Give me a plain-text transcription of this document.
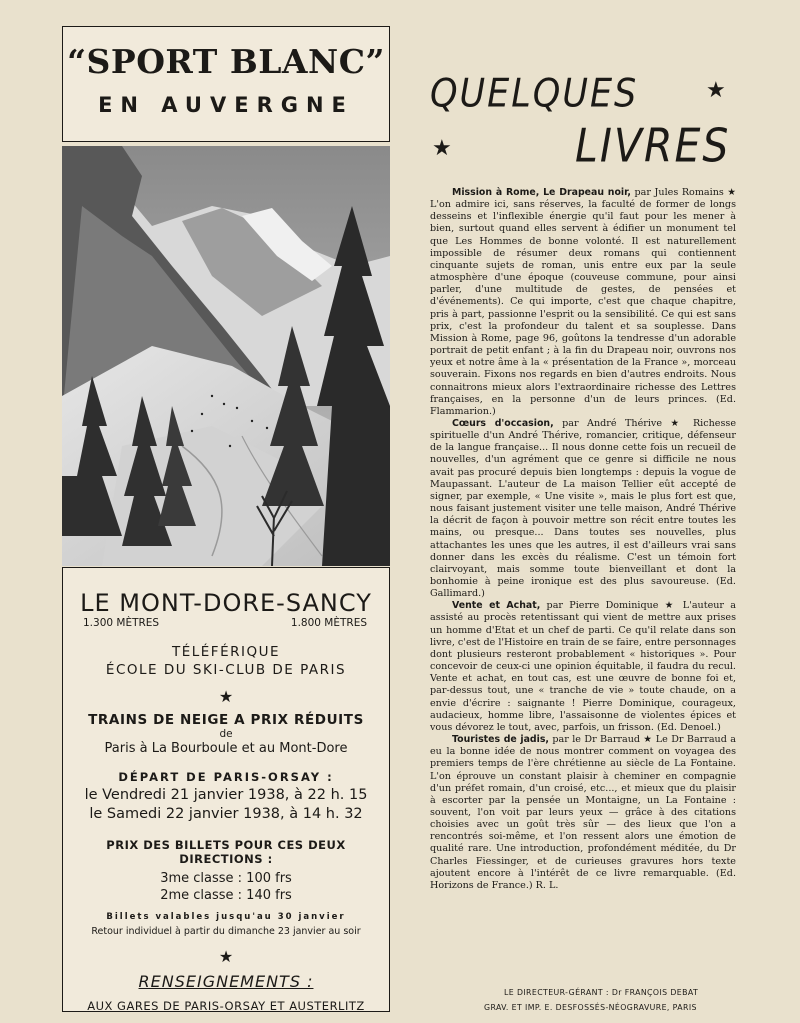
“SPORT BLANC”
EN AUVERGNE
LE MONT-DORE-SANCY
1.300 MÈTRES	1.800 MÈTRES
TÉLÉFÉRIQUE
ÉCOLE DU SKI-CLUB DE PARIS
★
TRAINS DE NEIGE A PRIX RÉDUITS
de
Paris à La Bourboule et au Mont-Dore
DÉPART DE PARIS-ORSAY :
le Vendredi 21 janvier 1938, à 22 h. 15
le Samedi 22 janvier 1938, à 14 h. 32
PRIX DES BILLETS POUR CES DEUX DIRECTIONS :
3me classe : 100 frs
2me classe : 140 frs
Billets valables jusqu'au 30 janvier
Retour individuel à partir du dimanche 23 janvier au soir
★
RENSEIGNEMENTS :
AUX GARES DE PARIS-ORSAY ET AUSTERLITZ
QUELQUES	★
★	LIVRES

Mission à Rome, Le Drapeau noir, par Jules Romains ★ L'on admire ici, sans réserves, la faculté de former de longs desseins et l'inflexible énergie qu'il faut pour les mener à bien, surtout quand elles servent à édifier un monument tel que Les Hommes de bonne volonté. Il est naturellement impossible de résumer deux romans qui contiennent cinquante sujets de roman, unis entre eux par la seule atmosphère d'une époque (couveuse commune, pour ainsi parler, d'une multitude de gestes, de pensées et d'événements). Ce qui importe, c'est que chaque chapitre, pris à part, passionne l'esprit ou la sensibilité. Ce qui est sans prix, c'est la profondeur du talent et sa souplesse. Dans Mission à Rome, page 96, goûtons la tendresse d'un adorable portrait de petit enfant ; à la fin du Drapeau noir, ouvrons nos yeux et notre âme à la « présentation de la France », morceau souverain. Fixons nos regards en bien d'autres endroits. Nous connaitrons mieux alors l'extraordinaire richesse des Lettres françaises, en la personne d'un de leurs princes. (Ed. Flammarion.)

Cœurs d'occasion, par André Thérive ★ Richesse spirituelle d'un André Thérive, romancier, critique, défenseur de la langue française... Il nous donne cette fois un recueil de nouvelles, d'un agrément que ce genre si difficile ne nous avait pas procuré depuis bien longtemps : depuis la vogue de Maupassant. L'auteur de La maison Tellier eût accepté de signer, par exemple, « Une visite », mais le plus fort est que, nous faisant justement visiter une telle maison, André Thérive la décrit de façon à pouvoir mettre son récit entre toutes les mains, ou presque... Dans toutes ses nouvelles, plus attachantes les unes que les autres, il est d'ailleurs vrai sans donner dans les excès du réalisme. C'est un témoin fort clairvoyant, mais somme toute bienveillant et dont la bonhomie à peine ironique est des plus savoureuse. (Ed. Gallimard.)

Vente et Achat, par Pierre Dominique ★ L'auteur a assisté au procès retentissant qui vient de mettre aux prises un homme d'Etat et un chef de parti. Ce qu'il relate dans son livre, c'est de l'Histoire en train de se faire, entre personnages dont plusieurs resteront probablement « historiques ». Pour concevoir de ceux-ci une opinion équitable, il faudra du recul. Vente et achat, en tout cas, est une œuvre de bonne foi et, par-dessus tout, une « tranche de vie » toute chaude, on a envie d'écrire : saignante ! Pierre Dominique, courageux, audacieux, homme libre, l'assaisonne de violentes épices et vous dévorez le tout, avec, parfois, un frisson. (Ed. Denoel.)

Touristes de jadis, par le Dr Barraud ★ Le Dr Barraud a eu la bonne idée de nous montrer comment on voyagea des premiers temps de l'ère chrétienne au siècle de La Fontaine. L'on éprouve un constant plaisir à cheminer en compagnie d'un préfet romain, d'un croisé, etc..., et mieux que du plaisir à escorter par la pensée un Montaigne, un La Fontaine : souvent, l'on voit par leurs yeux — grâce à des citations choisies avec un goût très sûr — des lieux que l'on a rencontrés soi-même, et l'on ressent alors une émotion de qualité rare. Une introduction, profondément méditée, du Dr Charles Fiessinger, et de curieuses gravures hors texte ajoutent encore à l'intérêt de ce livre remarquable. (Ed. Horizons de France.) R. L.

LE DIRECTEUR-GÉRANT : Dr FRANÇOIS DEBAT
GRAV. ET IMP. E. DESFOSSÉS-NÉOGRAVURE, PARIS
